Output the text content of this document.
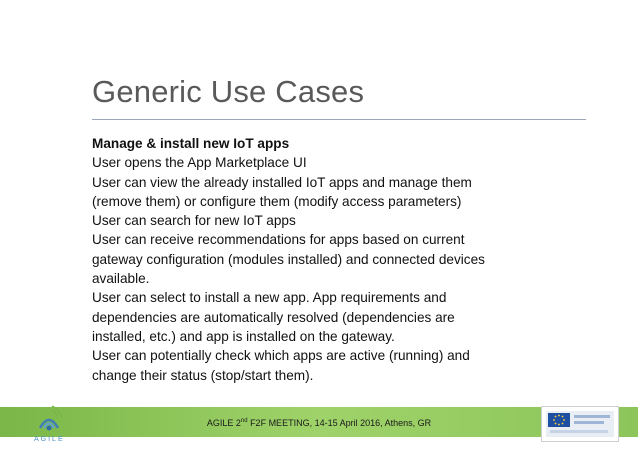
Generic Use Cases
Manage & install new IoT apps
User opens the App Marketplace UI
User can view the already installed IoT apps and manage them
(remove them) or configure them (modify access parameters)
User can search for new IoT apps
User can receive recommendations for apps based on current
gateway configuration (modules installed) and connected devices
available.
User can select to install a new app. App requirements and
dependencies are automatically resolved (dependencies are
installed, etc.) and app is installed on the gateway.
User can potentially check which apps are active (running) and
change their status (stop/start them).
AGILE
AGILE 2nd F2F MEETING, 14-15 April 2016, Athens, GR
